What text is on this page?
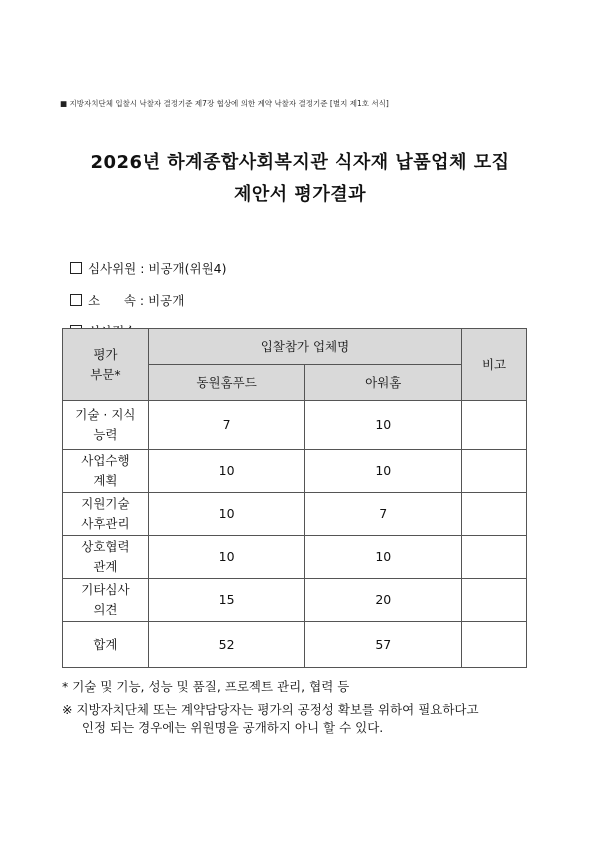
■ 지방자치단체 입찰시 낙찰자 결정기준 제7장 협상에 의한 계약 낙찰자 결정기준 [별지 제1호 서식]
2026년 하계종합사회복지관 식자재 납품업체 모집
제안서 평가결과

심사위원 : 비공개(위원4)

소      속 : 비공개

평가
부문*	입찰참가 업체명		비고
	동원홈푸드	아워홈	
기술 · 지식
능력	7	10	
사업수행
계획	10	10	
지원기술
사후관리	10	7	
상호협력
관계	10	10	
기타심사
의견	15	20	
합계	52	57	
* 기술 및 기능, 성능 및 품질, 프로젝트 관리, 협력 등
※ 지방자치단체 또는 계약담당자는 평가의 공정성 확보를 위하여 필요하다고
인정 되는 경우에는 위원명을 공개하지 아니 할 수 있다.
